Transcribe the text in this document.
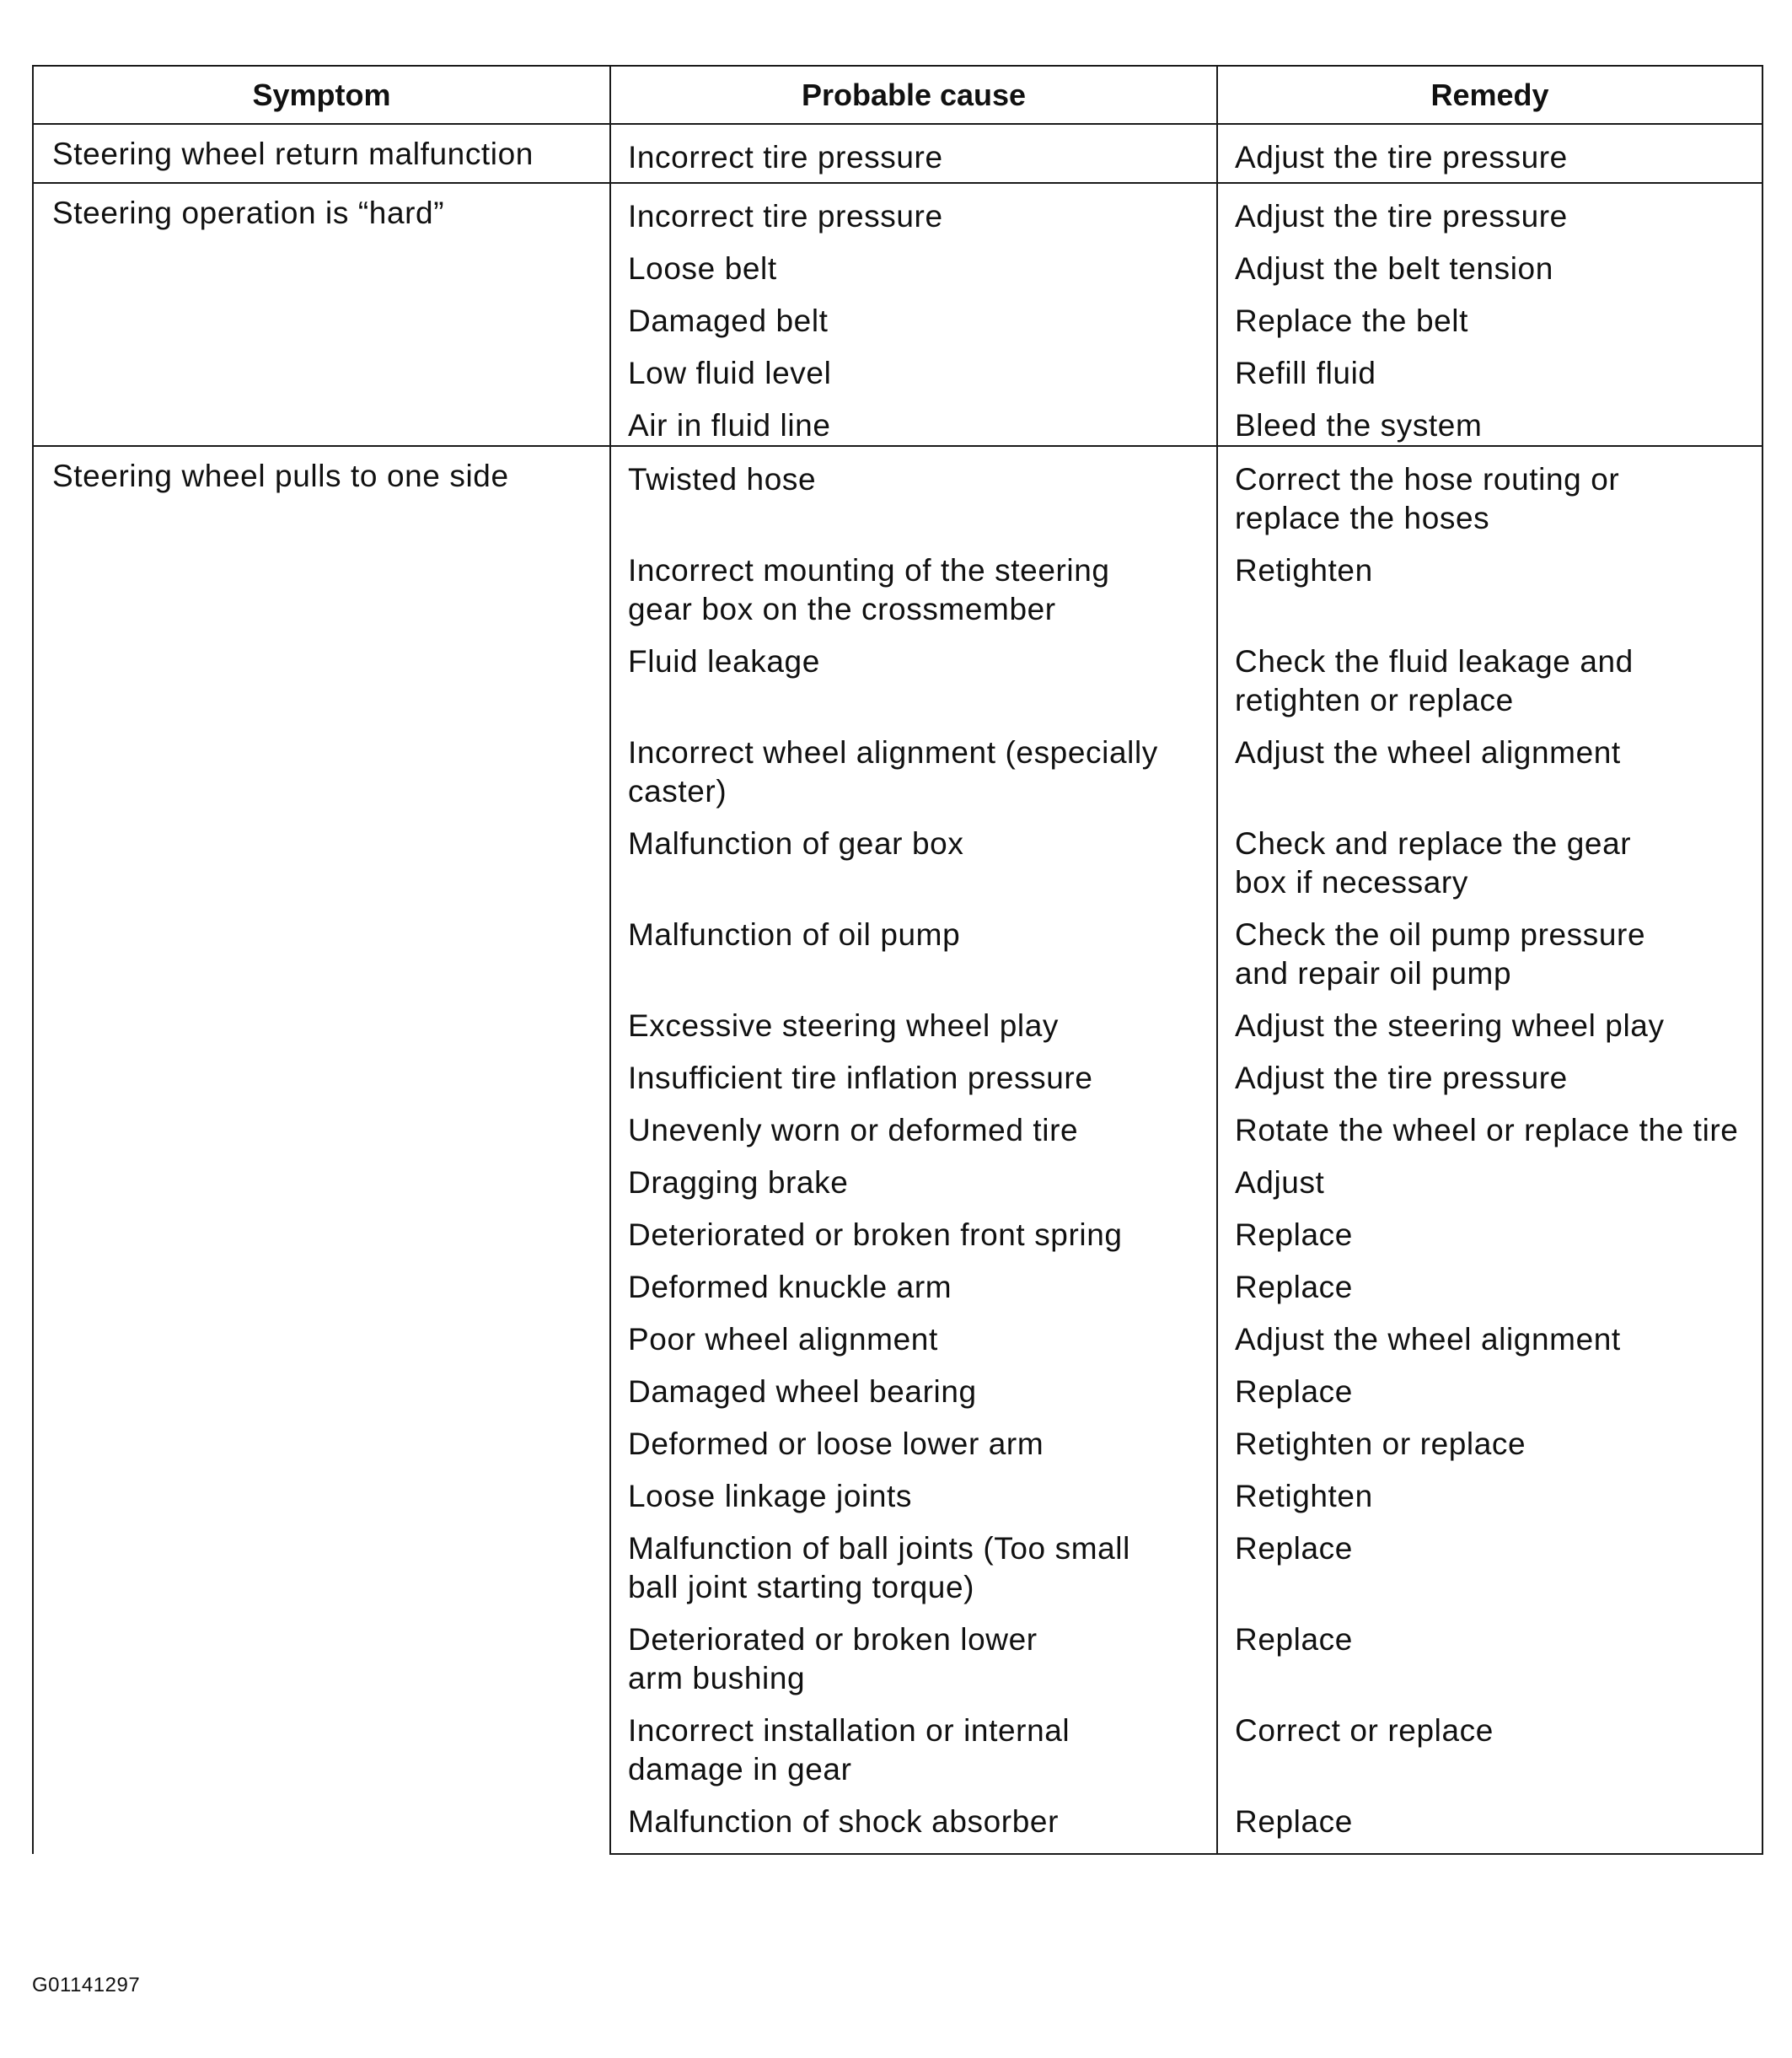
Symptom	Probable cause	Remedy
Steering wheel return malfunction	Incorrect tire pressure	Adjust the tire pressure
Steering operation is “hard”	Incorrect tire pressure	Adjust the tire pressure
	Loose belt	Adjust the belt tension
	Damaged belt	Replace the belt
	Low fluid level	Refill fluid
	Air in fluid line	Bleed the system
Steering wheel pulls to one side	Twisted hose	Correct the hose routing or
replace the hoses
	Incorrect mounting of the steering
gear box on the crossmember	Retighten
	Fluid leakage	Check the fluid leakage and
retighten or replace
	Incorrect wheel alignment (especially
caster)	Adjust the wheel alignment
	Malfunction of gear box	Check and replace the gear
box if necessary
	Malfunction of oil pump	Check the oil pump pressure
and repair oil pump
	Excessive steering wheel play	Adjust the steering wheel play
	Insufficient tire inflation pressure	Adjust the tire pressure
	Unevenly worn or deformed tire	Rotate the wheel or replace the tire
	Dragging brake	Adjust
	Deteriorated or broken front spring	Replace
	Deformed knuckle arm	Replace
	Poor wheel alignment	Adjust the wheel alignment
	Damaged wheel bearing	Replace
	Deformed or loose lower arm	Retighten or replace
	Loose linkage joints	Retighten
	Malfunction of ball joints (Too small
ball joint starting torque)	Replace
	Deteriorated or broken lower
arm bushing	Replace
	Incorrect installation or internal
damage in gear	Correct or replace
	Malfunction of shock absorber	Replace
G01141297
